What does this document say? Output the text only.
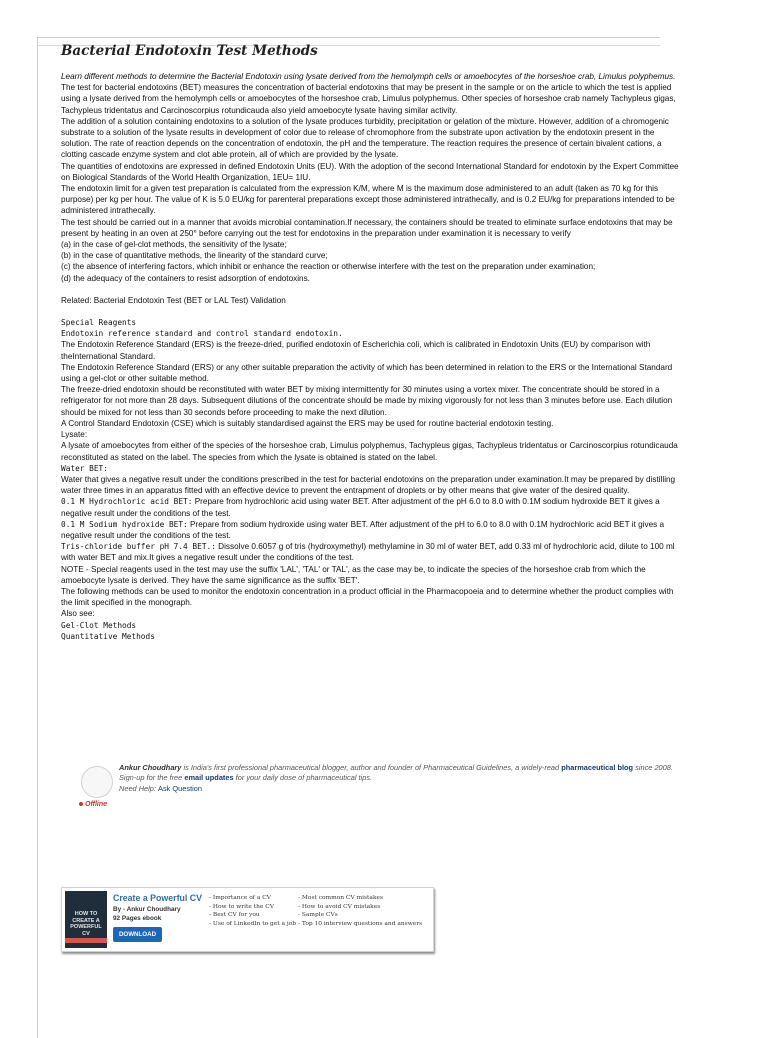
Bacterial Endotoxin Test Methods

Learn different methods to determine the Bacterial Endotoxin using lysate derived from the hemolymph cells or amoebocytes of the horseshoe crab, Limulus polyphemus.

The test for bacterial endotoxins (BET) measures the concentration of bacterial endotoxins that may be present in the sample or on the article to which the test is applied using a lysate derived from the hemolymph cells or amoebocytes of the horseshoe crab, Limulus polyphemus. Other species of horseshoe crab namely Tachypleus gigas, Tachypleus tridentatus and Carcinoscorpius rotundicauda also yield amoebocyte lysate having similar activity.

The addition of a solution containing endotoxins to a solution of the lysate produces turbidity, precipitation or gelation of the mixture. However, addition of a chromogenic substrate to a solution of the lysate results in development of color due to release of chromophore from the substrate upon activation by the endotoxin present in the solution. The rate of reaction depends on the concentration of endotoxin, the pH and the temperature. The reaction requires the presence of certain bivalent cations, a clotting cascade enzyme system and clot able protein, all of which are provided by the lysate.

The quantities of endotoxins are expressed in defined Endotoxin Units (EU). With the adoption of the second International Standard for endotoxin by the Expert Committee on Biological Standards of the World Health Organization, 1EU= 1IU.

The endotoxin limit for a given test preparation is calculated from the expression K/M, where M is the maximum dose administered to an adult (taken as 70 kg for this purpose) per kg per hour. The value of K is 5.0 EU/kg for parenteral preparations except those administered intrathecally, and is 0.2 EU/kg for preparations intended to be administered intrathecally.

The test should be carried out in a manner that avoids microbial contamination.If necessary, the containers should be treated to eliminate surface endotoxins that may be present by heating in an oven at 250° before carrying out the test for endotoxins in the preparation under examination it is necessary to verify

(a) in the case of gel-clot methods, the sensitivity of the lysate;

(b) in the case of quantitative methods, the linearity of the standard curve;

(c) the absence of interfering factors, which inhibit or enhance the reaction or otherwise interfere with the test on the preparation under examination;

(d) the adequacy of the containers to resist adsorption of endotoxins.

Related: Bacterial Endotoxin Test (BET or LAL Test) Validation

Special Reagents

Endotoxin reference standard and control standard endotoxin.

The Endotoxin Reference Standard (ERS) is the freeze-dried, purified endotoxin of Escherichia coli, which is calibrated in Endotoxin Units (EU) by comparison with theInternational Standard.

The Endotoxin Reference Standard (ERS) or any other suitable preparation the activity of which has been determined in relation to the ERS or the International Standard using a gel-clot or other suitable method.

The freeze-dried endotoxin should be reconstituted with water BET by mixing intermittently for 30 minutes using a vortex mixer. The concentrate should be stored in a refrigerator for not more than 28 days. Subsequent dilutions of the concentrate should be made by mixing vigorously for not less than 3 minutes before use. Each dilution should be mixed for not less than 30 seconds before proceeding to make the next dilution.

A Control Standard Endotoxin (CSE) which is suitably standardised against the ERS may be used for routine bacterial endotoxin testing.

Lysate:

A lysate of amoebocytes from either of the species of the horseshoe crab, Limulus polyphemus, Tachypleus gigas, Tachypleus tridentatus or Carcinoscorpius rotundicauda reconstituted as stated on the label. The species from which the lysate is obtained is stated on the label.

Water BET:

Water that gives a negative result under the conditions prescribed in the test for bacterial endotoxins on the preparation under examination.It may be prepared by distilling water three times in an apparatus fitted with an effective device to prevent the entrapment of droplets or by other means that give water of the desired quality.

0.1 M Hydrochloric acid BET: Prepare from hydrochloric acid using water BET. After adjustment of the pH 6.0 to 8.0 with 0.1M sodium hydroxide BET it gives a negative result under the conditions of the test.

0.1 M Sodium hydroxide BET: Prepare from sodium hydroxide using water BET. After adjustment of the pH to 6.0 to 8.0 with 0.1M hydrochloric acid BET it gives a negative result under the conditions of the test.

Tris-chloride buffer pH 7.4 BET.: Dissolve 0.6057 g of tris (hydroxymethyl) methylamine in 30 ml of water BET, add 0.33 ml of hydrochloric acid, dilute to 100 ml with water BET and mix.It gives a negative result under the conditions of the test.

NOTE - Special reagents used in the test may use the suffix 'LAL', 'TAL' or TAL', as the case may be, to indicate the species of the horseshoe crab from which the amoebocyte lysate is derived. They have the same significance as the suffix 'BET'.

The following methods can be used to monitor the endotoxin concentration in a product official in the Pharmacopoeia and to determine whether the product complies with the limit specified in the monograph.

Also see:

Gel-Clot Methods

Quantitative Methods

Offline
Ankur Choudhary is India's first professional pharmaceutical blogger, author and founder of Pharmaceutical Guidelines, a widely-read pharmaceutical blog since 2008. Sign-up for the free email updates for your daily dose of pharmaceutical tips.
Need Help: Ask Question
HOW TO CREATE A POWERFUL CV
Create a Powerful CV
By - Ankur Choudhary
92 Pages ebook
DOWNLOAD
- Importance of a CV
- How to write the CV
- Best CV for you
- Use of LinkedIn to get a job
- Most common CV mistakes
- How to avoid CV mistakes
- Sample CVs
- Top 10 interview questions and answers
